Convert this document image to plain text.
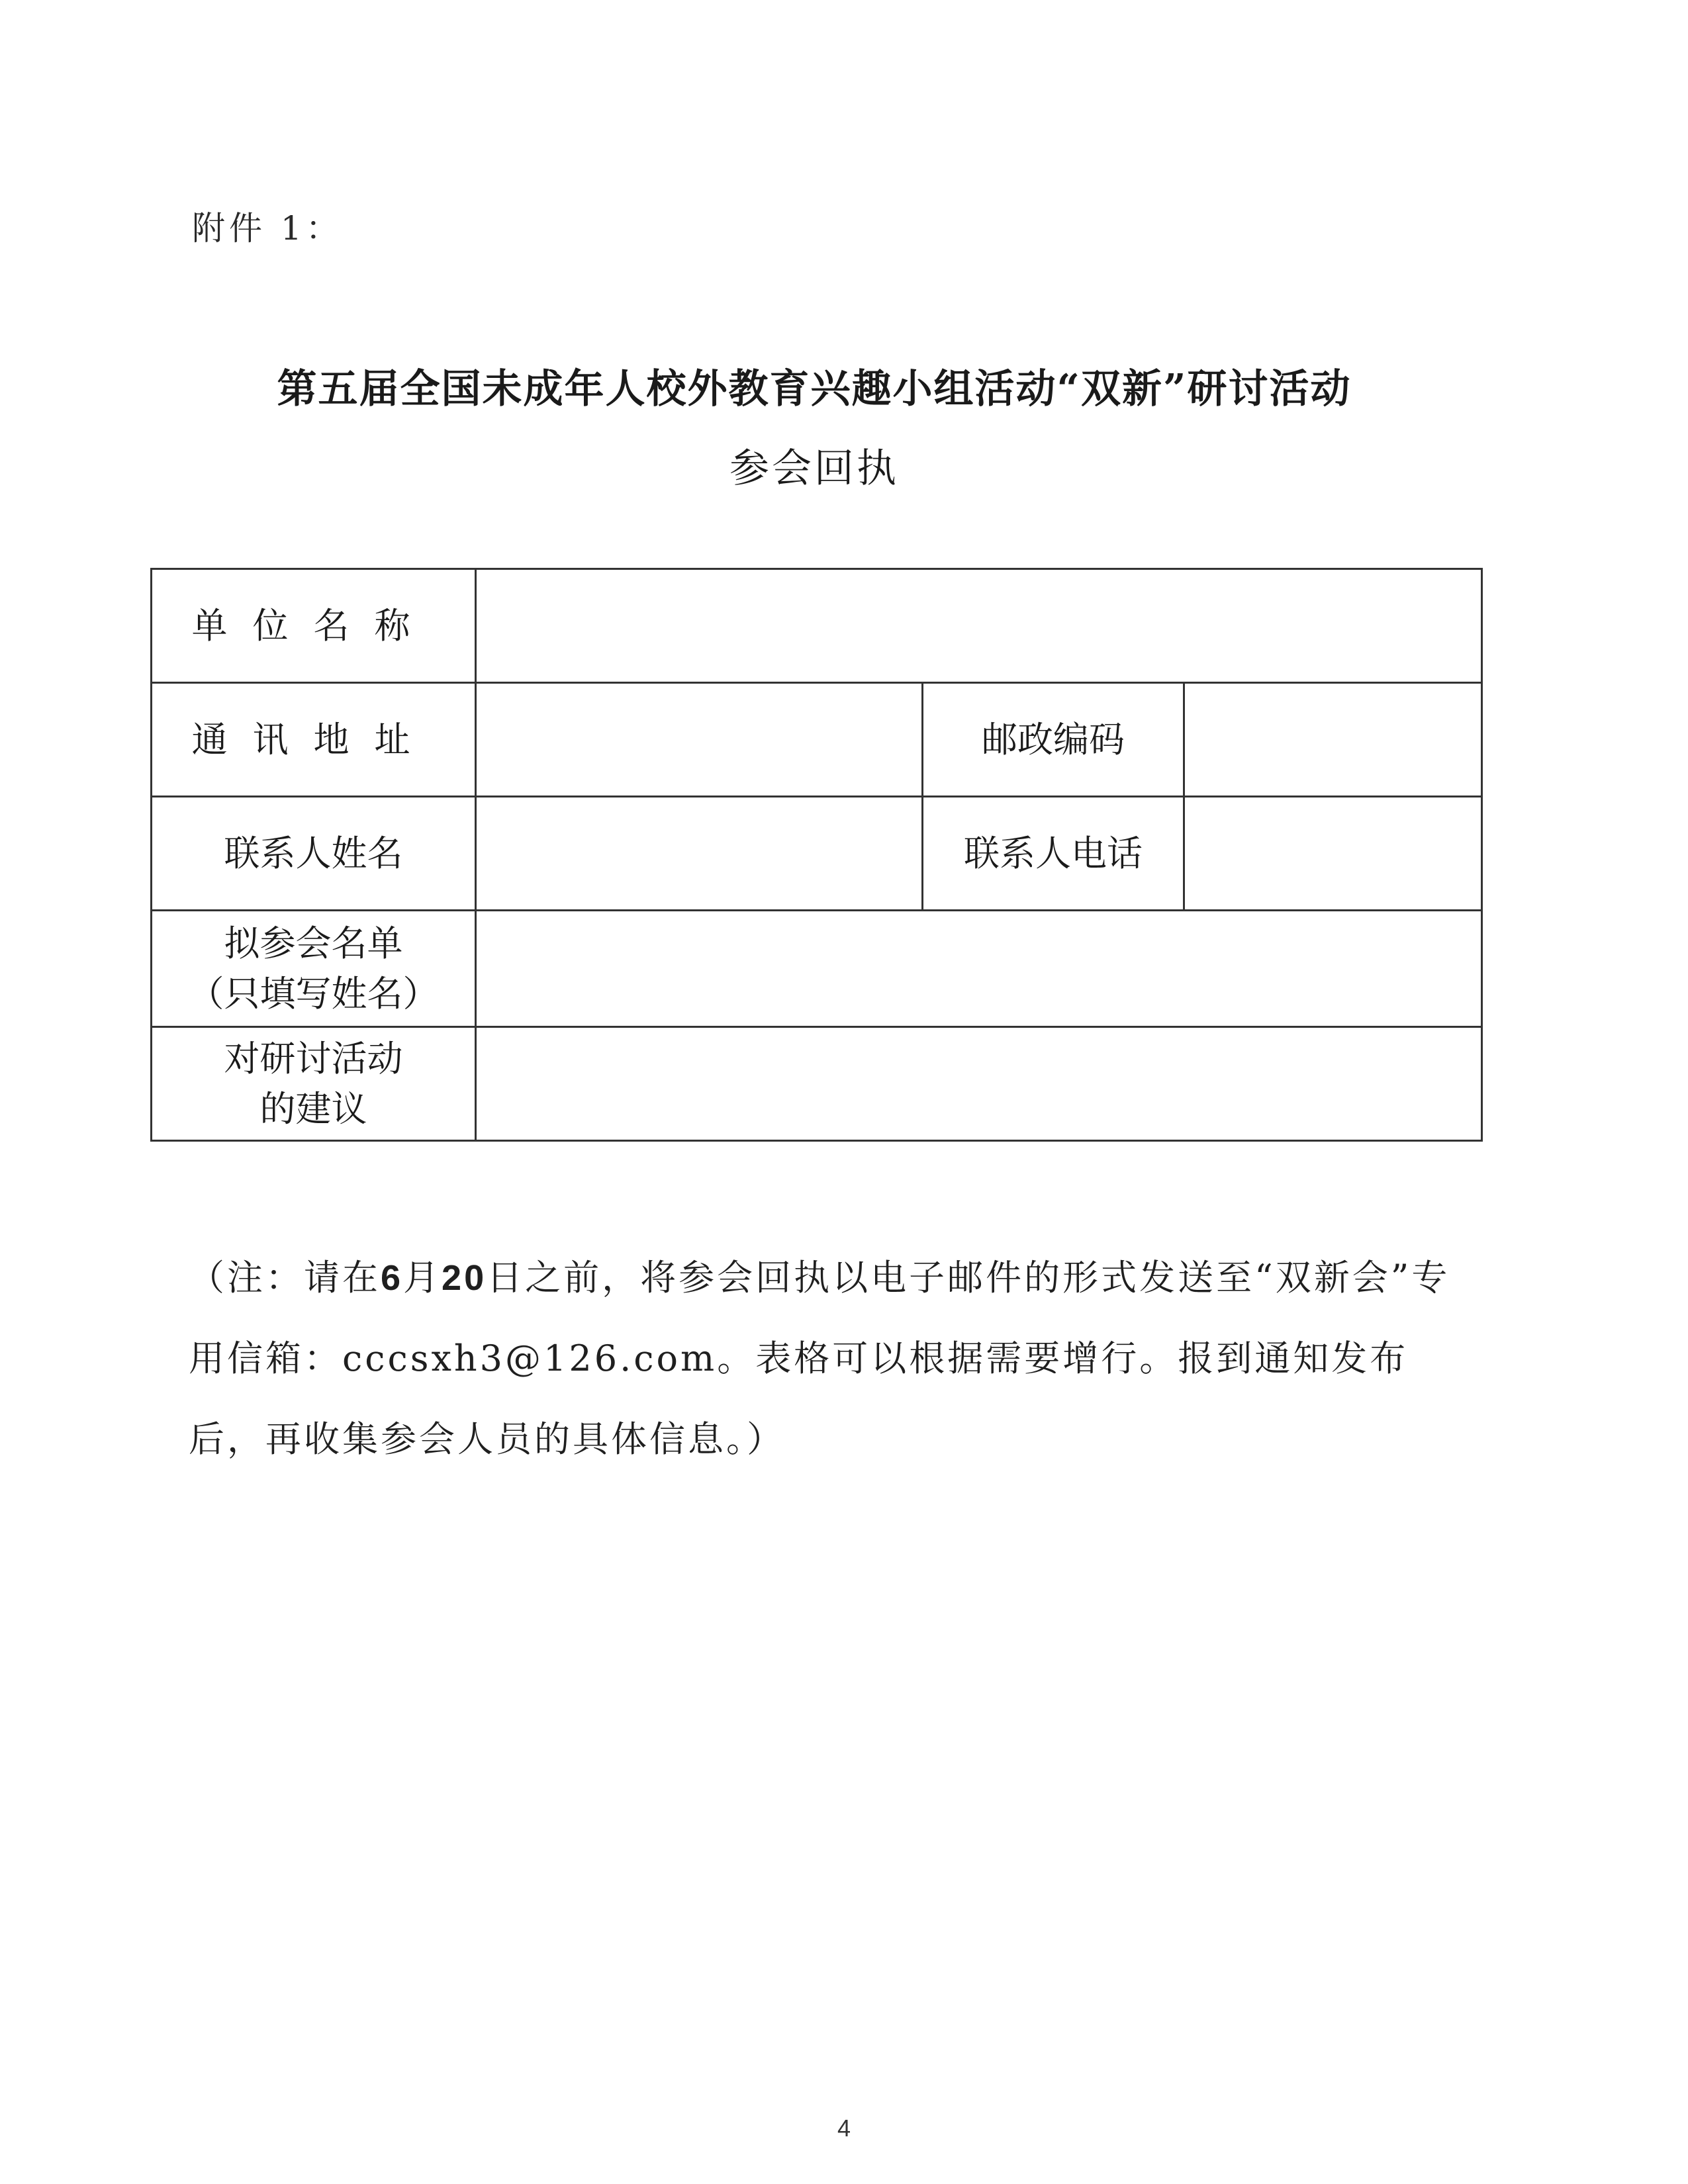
附件 1：
第五届全国未成年人校外教育兴趣小组活动“双新”研讨活动
参会回执
单位名称			
通讯地址		邮政编码	
联系人姓名		联系人电话	

拟参会名单
（只填写姓名）			

对研讨活动
的建议			

（注：请在6月20日之前，将参会回执以电子邮件的形式发送至“双新会”专用信箱：cccsxh3@126.com。表格可以根据需要增行。报到通知发布后，再收集参会人员的具体信息。）
4
